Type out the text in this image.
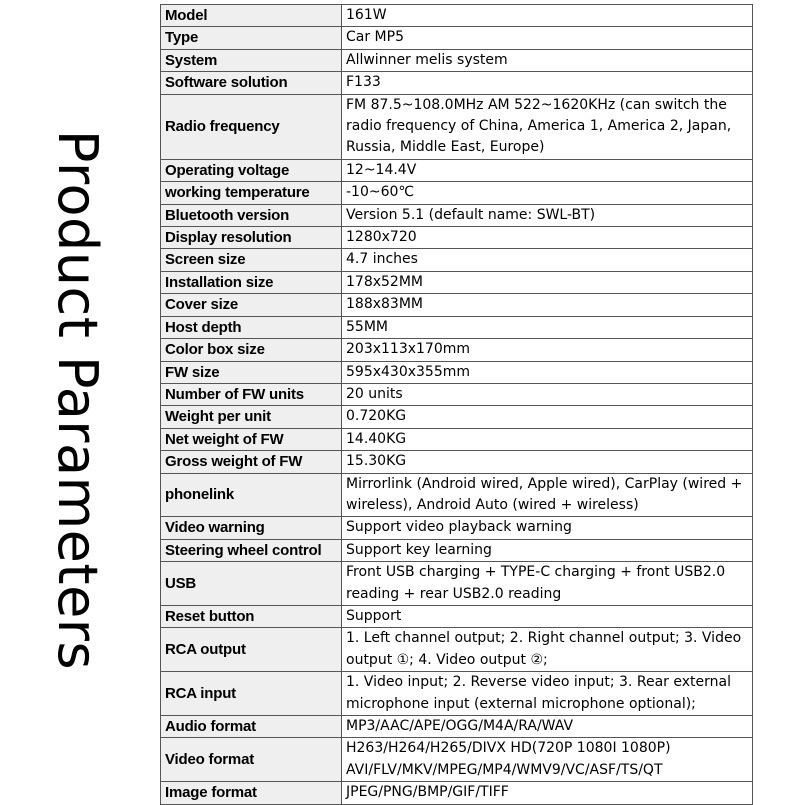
Product Parameters
Model	161W
Type	Car MP5
System	Allwinner melis system
Software solution	F133
Radio frequency	FM 87.5~108.0MHz AM 522~1620KHz (can switch the radio frequency of China, America 1, America 2, Japan, Russia, Middle East, Europe)
Operating voltage	12~14.4V
working temperature	-10~60℃
Bluetooth version	Version 5.1 (default name: SWL-BT)
Display resolution	1280x720
Screen size	4.7 inches
Installation size	178x52MM
Cover size	188x83MM
Host depth	55MM
Color box size	203x113x170mm
FW size	595x430x355mm
Number of FW units	20 units
Weight per unit	0.720KG
Net weight of FW	14.40KG
Gross weight of FW	15.30KG
phonelink	Mirrorlink (Android wired, Apple wired), CarPlay (wired + wireless), Android Auto (wired + wireless)
Video warning	Support video playback warning
Steering wheel control	Support key learning
USB	Front USB charging + TYPE-C charging + front USB2.0 reading + rear USB2.0 reading
Reset button	Support
RCA output	1. Left channel output; 2. Right channel output; 3. Video output ①; 4. Video output ②;
RCA input	1. Video input; 2. Reverse video input; 3. Rear external microphone input (external microphone optional);
Audio format	MP3/AAC/APE/OGG/M4A/RA/WAV
Video format	H263/H264/H265/DIVX HD(720P 1080I 1080P) AVI/FLV/MKV/MPEG/MP4/WMV9/VC/ASF/TS/QT
Image format	JPEG/PNG/BMP/GIF/TIFF
